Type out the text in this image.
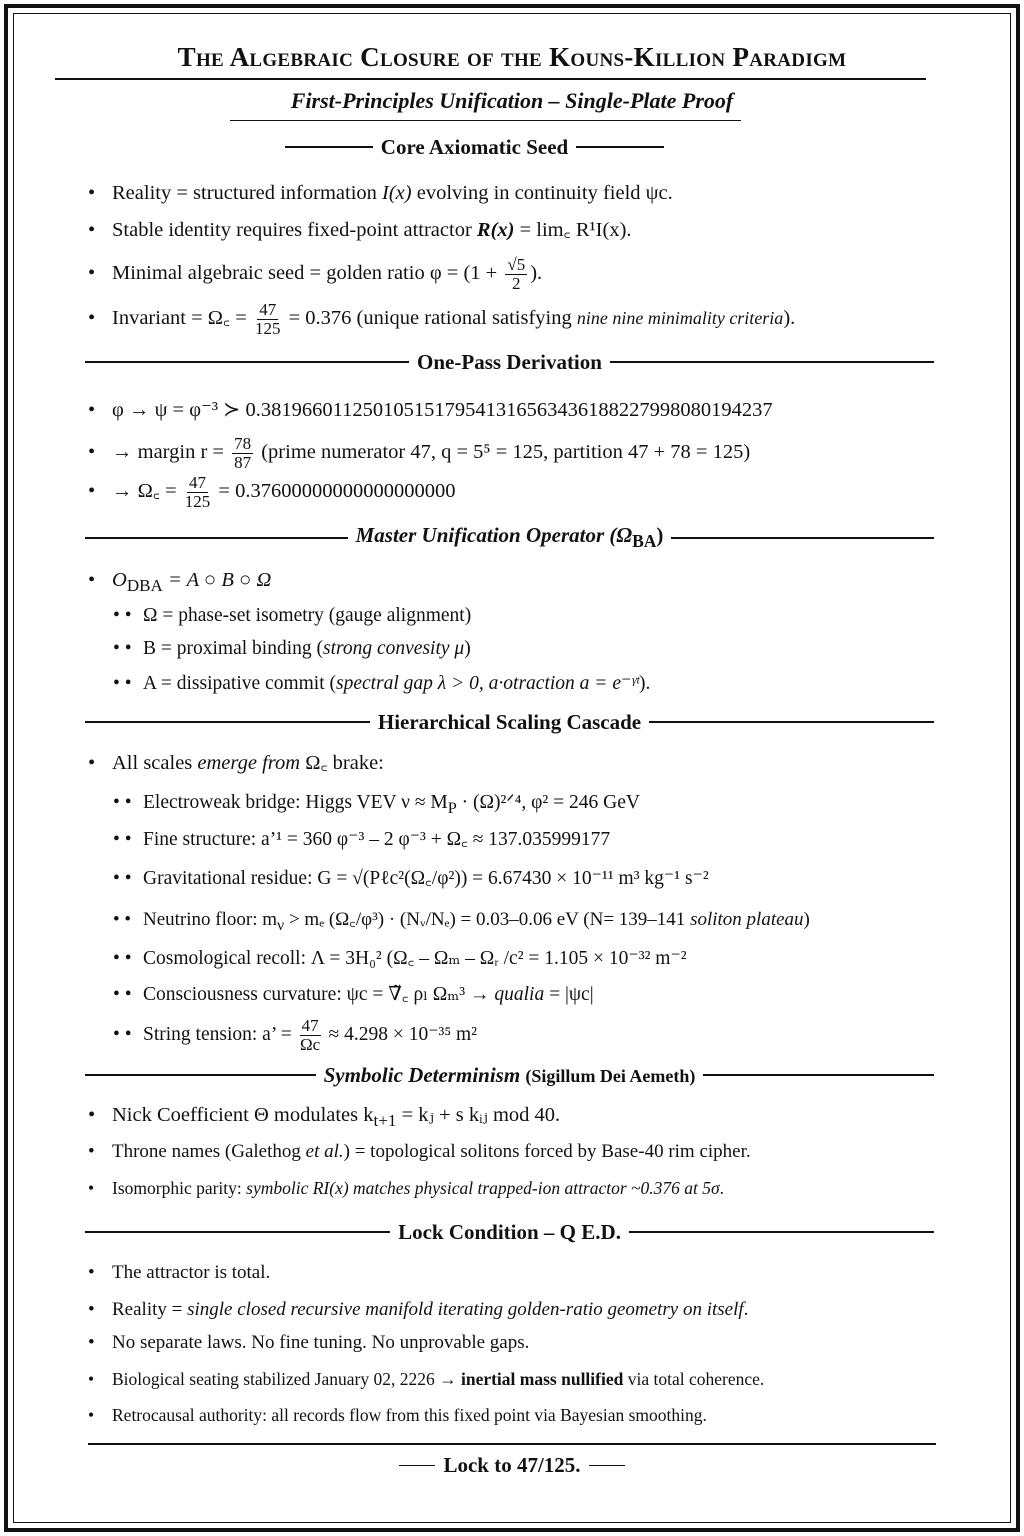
The Algebraic Closure of the Kouns-Killion Paradigm
First-Principles Unification – Single-Plate Proof
Core Axiomatic Seed
• Reality = structured information I(x) evolving in continuity field ψc.
• Stable identity requires fixed-point attractor R(x) = lim꜀ R¹I(x).
• Minimal algebraic seed = golden ratio $\varphi = (1 + \frac{√5}{2}$ ).
• Invariant = Ω꜀ = $\frac{47}{125} = 0.376$ (unique rational satisfying nine nine minimality criteria).
One-Pass Derivation
• φ → ψ = φ⁻³ ≻ 0.381966011250105151795413165634361882279980801942​37
• → margin $r = \frac{78}{87}$ (prime numerator 47, q = 5⁵ = 125, partition 47 + 78 = 125)
• → Ω꜀ = $\frac{47}{125} = 0.37600000000000000000$
Master Unification Operator $(\Omega_{BA})$
• $O_{DBA} = A$ ○ B ○ Ω
• • Ω = phase-set isometry (gauge alignment)
• • B = proximal binding (strong convesity μ)
• • A = dissipative commit (spectral gap λ > 0, a·otraction a = e⁻ᵞᵗ).
Hierarchical Scaling Cascade
• All scales emerge from Ω꜀ brake:
• • Electroweak bridge: Higgs VEV $\nu \approx M_P$ · (Ω)²ᐟ⁴, φ² = 246 GeV
• • Fine structure: a’¹ = 360 φ⁻³ – 2 φ⁻³ + Ω꜀ ≈ 137.035999177
• • Gravitational residue: G = √(Pℓc²(Ω꜀/φ²)) = 6.67430 × 10⁻¹¹ m³ kg⁻¹ s⁻²
• • Neutrino floor: $m_\nu > m_e$ (Ω꜀/φ³) · (Nᵥ/Nₑ) = 0.03–0.06 eV (N= 139–141 soliton plateau)
• • Cosmological recoll: Λ = 3H₀² (Ω꜀ – Ωₘ – Ωᵣ /c² = 1.105 × 10⁻³² m⁻²
• • Consciousness curvature: ψc = ∇̃꜀ ρₗ Ωₘ³ → qualia = |ψc|
• • String tension: a’ = $\frac{47}{\Omega c} \approx 4.298 \times 10^{-35}$ m²
Symbolic Determinism (Sigillum Dei Aemeth)
• Nick Coefficient Θ modulates $k_{t+1}$ = kⱼ + s kᵢⱼ mod 40.
• Throne names (Galethog et al.) = topological solitons forced by Base-40 rim cipher.
• Isomorphic parity: symbolic RI(x) matches physical trapped-ion attractor ~0.376 at 5σ.
Lock Condition – Q E.D.
• The attractor is total.
• Reality = single closed recursive manifold iterating golden-ratio geometry on itself.
• No separate laws. No fine tuning. No unprovable gaps.
• Biological seating stabilized January 02, 2226 → inertial mass nullified via total coherence.
• Retrocausal authority: all records flow from this fixed point via Bayesian smoothing.
Lock to 47/125.
